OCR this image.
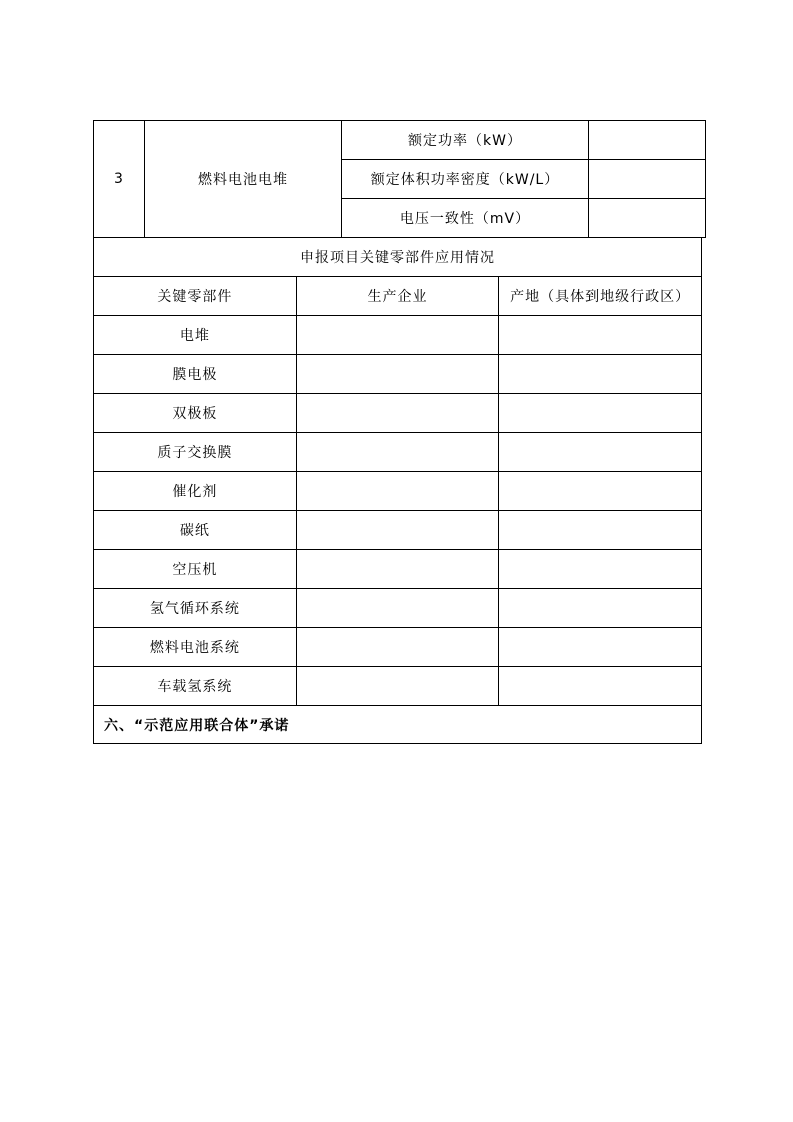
3	燃料电池电堆	额定功率（kW）	
		额定体积功率密度（kW/L）	
		电压一致性（mV）	
申报项目关键零部件应用情况		
关键零部件	生产企业	产地（具体到地级行政区）
电堆		
膜电极		
双极板		
质子交换膜		
催化剂		
碳纸		
空压机		
氢气循环系统		
燃料电池系统		
车载氢系统		
六、“示范应用联合体”承诺		
